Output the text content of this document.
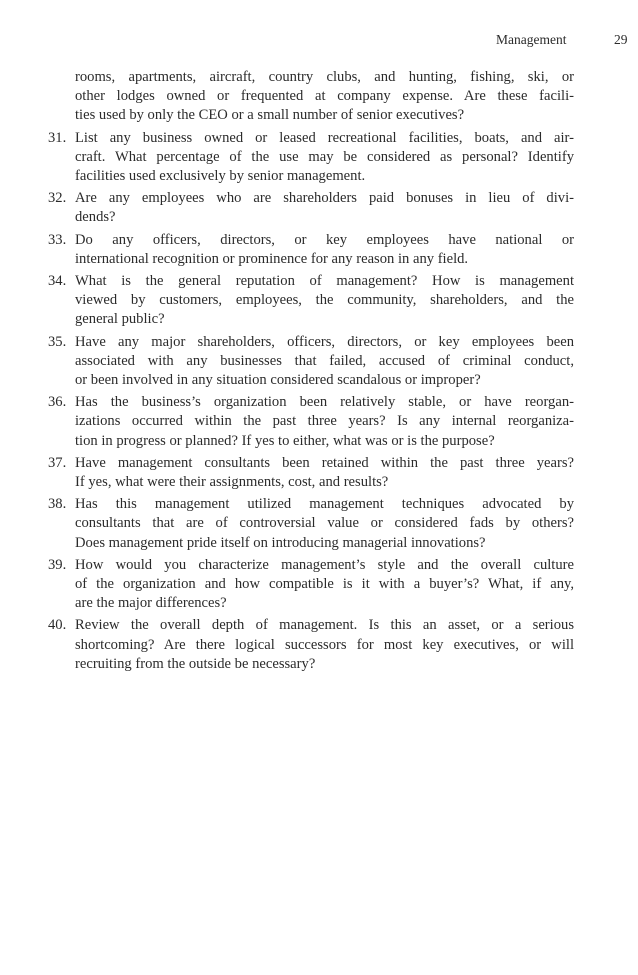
Management	29
rooms, apartments, aircraft, country clubs, and hunting, fishing, ski, or
other lodges owned or frequented at company expense. Are these facili-
ties used by only the CEO or a small number of senior executives?
31. List any business owned or leased recreational facilities, boats, and air-
craft. What percentage of the use may be considered as personal? Identify
facilities used exclusively by senior management.
32. Are any employees who are shareholders paid bonuses in lieu of divi-
dends?
33. Do any officers, directors, or key employees have national or
international recognition or prominence for any reason in any field.
34. What is the general reputation of management? How is management
viewed by customers, employees, the community, shareholders, and the
general public?
35. Have any major shareholders, officers, directors, or key employees been
associated with any businesses that failed, accused of criminal conduct,
or been involved in any situation considered scandalous or improper?
36. Has the business’s organization been relatively stable, or have reorgan-
izations occurred within the past three years? Is any internal reorganiza-
tion in progress or planned? If yes to either, what was or is the purpose?
37. Have management consultants been retained within the past three years?
If yes, what were their assignments, cost, and results?
38. Has this management utilized management techniques advocated by
consultants that are of controversial value or considered fads by others?
Does management pride itself on introducing managerial innovations?
39. How would you characterize management’s style and the overall culture
of the organization and how compatible is it with a buyer’s? What, if any,
are the major differences?
40. Review the overall depth of management. Is this an asset, or a serious
shortcoming? Are there logical successors for most key executives, or will
recruiting from the outside be necessary?
